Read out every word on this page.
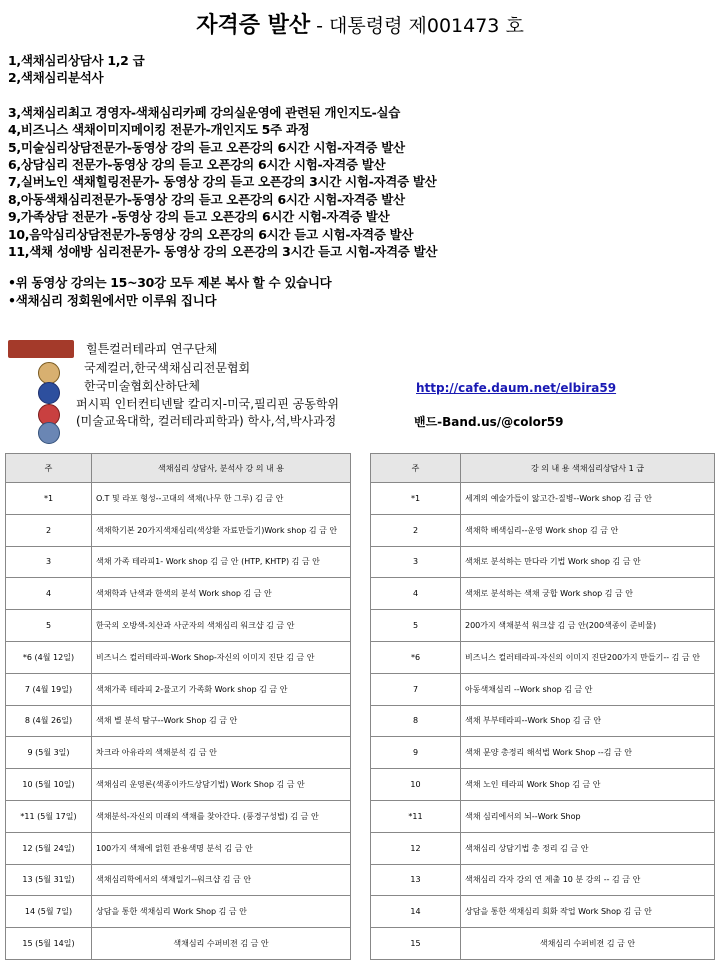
자격증 발산 - 대통령령 제001473 호
1,색채심리상담사 1,2 급
2,색채심리분석사
3,색채심리최고 경영자-색채심리카페 강의실운영에 관련된 개인지도-실습
4,비즈니스 색채이미지메이킹 전문가-개인지도 5주 과정
5,미술심리상담전문가-동영상 강의 듣고 오픈강의 6시간 시험-자격증 발산
6,상담심리 전문가-동영상 강의 듣고 오픈강의 6시간 시험-자격증 발산
7,실버노인 색채힐링전문가- 동영상 강의 듣고 오픈강의 3시간 시험-자격증 발산
8,아동색채심리전문가-동영상 강의 듣고 오픈강의 6시간 시험-자격증 발산
9,가족상담 전문가 -동영상 강의 듣고 오픈강의 6시간 시험-자격증 발산
10,음악심리상담전문가-동영상 강의 오픈강의 6시간 듣고 시험-자격증 발산
11,색채 성애방 심리전문가- 동영상 강의 오픈강의 3시간 듣고 시험-자격증 발산
•위 동영상 강의는 15~30강 모두 제본 복사 할 수 있습니다
•색채심리 정회원에서만 이루워 집니다
힐튼컬러테라피 연구단체
국제컬러,한국색채심리전문협회
한국미술협회산하단체
퍼시픽 인터컨티넨탈 칼리지-미국,필리핀 공동학위
(미술교육대학, 컬러테라피학과) 학사,석,박사과정
http://cafe.daum.net/elbira59
밴드-Band.us/@color59
주	색채심리 상담사, 분석사 강 의 내 용
*1	O.T 및 라포 형성--고대의 색채(나무 한 그루) 김 금 안
2	색채학기본 20가지색채심리(색상환 자료만들기)Work shop 김 금 안
3	색채 가족 테라피1- Work shop 김 금 안 (HTP, KHTP) 김 금 안
4	색채학과 난색과 한색의 분석 Work shop 김 금 안
5	한국의 오방색-치산과 사군자의 색채심리 워크샵 김 금 안
*6 (4월 12일)	비즈니스 컬러테라피-Work Shop-자신의 이미지 진단 김 금 안
7 (4월 19일)	색채가족 테라피 2-물고기 가족화 Work shop 김 금 안
8 (4월 26일)	색채 별 분석 탐구--Work Shop 김 금 안
9 (5월 3일)	차크라 아유라의 색채분석 김 금 안
10 (5월 10일)	색채심리 운영론(색종이카드상담기법) Work Shop 김 금 안
*11 (5월 17일)	색채분석-자신의 미래의 색채를 찾아간다. (풍경구성법) 김 금 안
12 (5월 24일)	100가지 색채에 얽힌 관용색명 분석 김 금 안
13 (5월 31일)	색채심리학에서의 색채일기--워크샵 김 금 안
14 (5월 7일)	상담을 통한 색채심리 Work Shop 김 금 안
15 (5월 14일)	색채심리 수퍼비젼 김 금 안
주	강 의 내 용 색채심리상담사 1 급
*1	세계의 예술가들이 앓고간-질병--Work shop 김 금 안
2	색채학 배색심리--운영 Work shop 김 금 안
3	색채로 분석하는 만다라 기법 Work shop 김 금 안
4	색채로 분석하는 색채 궁합 Work shop 김 금 안
5	200가지 색채분석 워크샵 김 금 안(200색종이 준비물)
*6	비즈니스 컬러테라피-자신의 이미지 진단200가지 만들기-- 김 금 안
7	아동색채심리 --Work shop 김 금 안
8	색채 부부테라피--Work Shop 김 금 안
9	색채 문양 총정리 해석법 Work Shop --김 금 안
10	색채 노인 테라피 Work Shop 김 금 안
*11	색채 심리에서의 뇌--Work Shop
12	색채심리 상담기법 총 정리 김 금 안
13	색채심리 각자 강의 연 제출 10 분 강의 -- 김 금 안
14	상담을 통한 색채심리 회화 작업 Work Shop 김 금 안
15	색채심리 수퍼비젼 김 금 안
